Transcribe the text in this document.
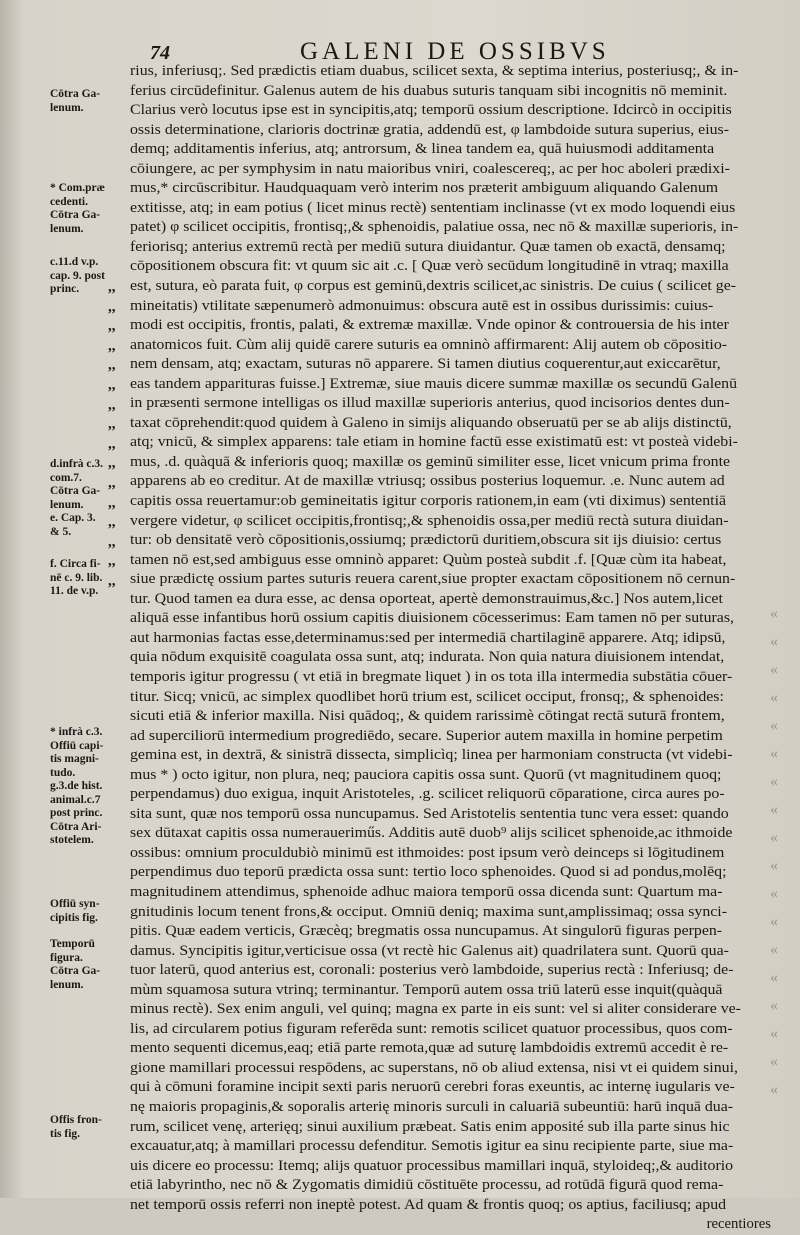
74	GALENI DE OSSIBVS
Cōtra Ga-
lenum.
* Com.præ
cedenti.
Cōtra Ga-
lenum.
c.11.d v.p.
cap. 9. post
princ.
d.infrà c.3.
com.7.
Cōtra Ga-
lenum.
e. Cap. 3.
& 5.
f. Circa fi-
nē c. 9. lib.
11. de v.p.
* infrà c.3.
Offiū capi-
tis magni-
tudo.
g.3.de hist.
animal.c.7
post princ.
Cōtra Ari-
stotelem.
Offiū syn-
cipitis fig.
Temporū
figura.
Cōtra Ga-
lenum.
Offis fron-
tis fig.
,,
,,
,,
,,
,,
,,
,,
,,
,,
,,
,,
,,
,,
,,
,,
,,
rius, inferiusq;. Sed prædictis etiam duabus, scilicet sexta, & septima interius, posteriusq;, & in-
ferius circūdefinitur. Galenus autem de his duabus suturis tanquam sibi incognitis nō meminit.
Clarius verò locutus ipse est in syncipitis,atq; temporū ossium descriptione. Idcircò in occipitis
ossis determinatione, clarioris doctrinæ gratia, addendū est, φ lambdoide sutura superius, eius-
demq; additamentis inferius, atq; antrorsum, & linea tandem ea, quā huiusmodi additamenta
cōiungere, ac per symphysim in natu maioribus vniri, coalescereq;, ac per hoc aboleri prædixi-
mus,* circūscribitur. Haudquaquam verò interim nos præterit ambiguum aliquando Galenum
extitisse, atq; in eam potius ( licet minus rectè) sententiam inclinasse (vt ex modo loquendi eius
patet) φ scilicet occipitis, frontisq;,& sphenoidis, palatiue ossa, nec nō & maxillæ superioris, in-
feriorisq; anterius extremū rectà per mediū sutura diuidantur. Quæ tamen ob exactā, densamq;
cōpositionem obscura fit: vt quum sic ait .c. [ Quæ verò secūdum longitudinē in vtraq; maxilla
est, sutura, eò parata fuit, φ corpus est geminū,dextris scilicet,ac sinistris. De cuius ( scilicet ge-
mineitatis) vtilitate sæpenumerò admonuimus: obscura autē est in ossibus durissimis: cuius-
modi est occipitis, frontis, palati, & extremæ maxillæ. Vnde opinor & controuersia de his inter
anatomicos fuit. Cùm alij quidē carere suturis ea omninò affirmarent: Alij autem ob cōpositio-
nem densam, atq; exactam, suturas nō apparere. Si tamen diutius coquerentur,aut exiccarētur,
eas tandem apparituras fuisse.] Extremæ, siue mauis dicere summæ maxillæ os secundū Galenū
in præsenti sermone intelligas os illud maxillæ superioris anterius, quod incisorios dentes dun-
taxat cōprehendit:quod quidem à Galeno in simijs aliquando obseruatū per se ab alijs distinctū,
atq; vnicū, & simplex apparens: tale etiam in homine factū esse existimatū est: vt posteà videbi-
mus, .d. quàquā & inferioris quoq; maxillæ os geminū similiter esse, licet vnicum prima fronte
apparens ab eo creditur. At de maxillæ vtriusq; ossibus posterius loquemur. .e. Nunc autem ad
capitis ossa reuertamur:ob gemineitatis igitur corporis rationem,in eam (vti diximus) sententiā
vergere videtur, φ scilicet occipitis,frontisq;,& sphenoidis ossa,per mediū rectà sutura diuidan-
tur: ob densitatē verò cōpositionis,ossiumq; prædictorū duritiem,obscura sit ijs diuisio: certus
tamen nō est,sed ambiguus esse omninò apparet: Quùm posteà subdit .f. [Quæ cùm ita habeat,
siue prædictę ossium partes suturis reuera carent,siue propter exactam cōpositionem nō cernun-
tur. Quod tamen ea dura esse, ac densa oporteat, apertè demonstrauimus,&c.] Nos autem,licet
aliquā esse infantibus horū ossium capitis diuisionem cōcesserimus: Eam tamen nō per suturas,
aut harmonias factas esse,determinamus:sed per intermediā chartilaginē apparere. Atq; idipsū,
quia nōdum exquisitē coagulata ossa sunt, atq; indurata. Non quia natura diuisionem intendat,
temporis igitur progressu ( vt etiā in bregmate liquet ) in os tota illa intermedia substātia cōuer-
titur. Sicq; vnicū, ac simplex quodlibet horū trium est, scilicet occiput, fronsq;, & sphenoides:
sicuti etiā & inferior maxilla. Nisi quādoq;, & quidem rarissimè cōtingat rectā suturā frontem,
ad superciliorū intermedium progrediēdo, secare. Superior autem maxilla in homine perpetim
gemina est, in dextrā, & sinistrā dissecta, simplicìq; linea per harmoniam constructa (vt videbi-
mus * ) octo igitur, non plura, neq; pauciora capitis ossa sunt. Quorū (vt magnitudinem quoq;
perpendamus) duo exigua, inquit Aristoteles, .g. scilicet reliquorū cōparatione, circa aures po-
sita sunt, quæ nos temporū ossa nuncupamus. Sed Aristotelis sententia tunc vera esset: quando
sex dūtaxat capitis ossa numeraueriműs. Additis autē duob⁹ alijs scilicet sphenoide,ac ithmoide
ossibus: omnium proculdubiò minimū est ithmoides: post ipsum verò deinceps si lōgitudinem
perpendimus duo teporū prædicta ossa sunt: tertio loco sphenoides. Quod si ad pondus,molēq;
magnitudinem attendimus, sphenoide adhuc maiora temporū ossa dicenda sunt: Quartum ma-
gnitudinis locum tenent frons,& occiput. Omniū deniq; maxima sunt,amplissimaq; ossa synci-
pitis. Quæ eadem verticis, Græcèq; bregmatis ossa nuncupamus. At singulorū figuras perpen-
damus. Syncipitis igitur,verticisue ossa (vt rectè hic Galenus ait) quadrilatera sunt. Quorū qua-
tuor laterū, quod anterius est, coronali: posterius verò lambdoide, superius rectà : Inferiusq; de-
mùm squamosa sutura vtrinq; terminantur. Temporū autem ossa triū laterū esse inquit(quàquā
minus rectè). Sex enim anguli, vel quinq; magna ex parte in eis sunt: vel si aliter considerare ve-
lis, ad circularem potius figuram referēda sunt: remotis scilicet quatuor processibus, quos com-
mento sequenti dicemus,eaq; etiā parte remota,quæ ad suturę lambdoidis extremū accedit è re-
gione mamillari processui respōdens, ac superstans, nō ob aliud extensa, nisi vt ei quidem sinui,
qui à cōmuni foramine incipit sexti paris neruorū cerebri foras exeuntis, ac internę iugularis ve-
nę maioris propaginis,& soporalis arterię minoris surculi in caluariā subeuntiū: harū inquā dua-
rum, scilicet venę, arterięq; sinui auxilium præbeat. Satis enim apposité sub illa parte sinus hic
excauatur,atq; à mamillari processu defenditur. Semotis igitur ea sinu recipiente parte, siue ma-
uis dicere eo processu: Itemq; alijs quatuor processibus mamillari inquā, styloideq;,& auditorio
etiā labyrintho, nec nō & Zygomatis dimidiū cōstituēte processu, ad rotūdā figurā quod rema-
net temporū ossis referri non ineptè potest. Ad quam & frontis quoq; os aptius, faciliusq; apud
recentiores
«
«
«
«
«
«
«
«
«
«
«
«
«
«
«
«
«
«
